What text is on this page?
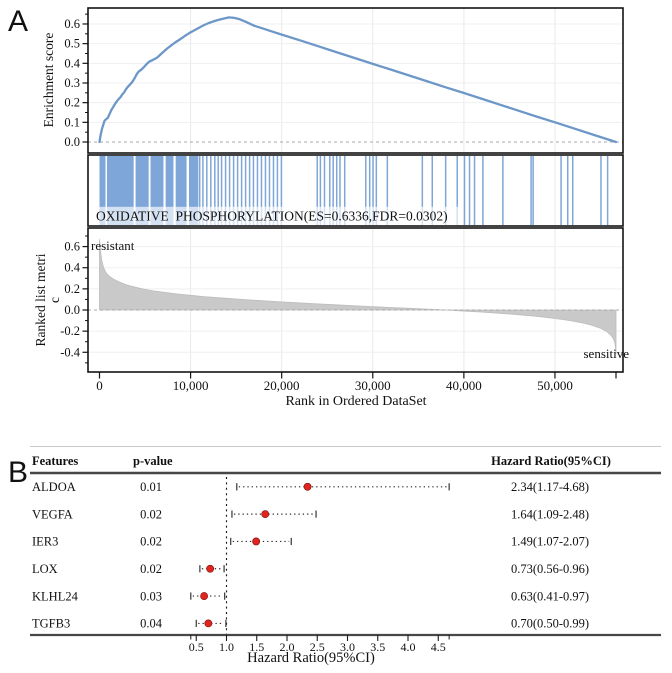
0.0
0.1
0.2
0.3
0.4
0.5
0.6
0.6
0.4
0.2
0.0
-0.2
-0.4
0	10,000	20,000	30,000	40,000	50,000
ALDOA	0.01	2.34(1.17-4.68)
VEGFA	0.02	1.64(1.09-2.48)
IER3	0.02	1.49(1.07-2.07)
LOX	0.02	0.73(0.56-0.96)
KLHL24	0.03	0.63(0.41-0.97)
TGFB3	0.04	0.70(0.50-0.99)
0.5 1.0 1.5 2.0 2.5 3.0 3.5 4.0 4.5
A
B
Enrichment score
OXIDATIVE  PHOSPHORYLATION(ES=0.6336,FDR=0.0302)
resistant
sensitive
Rank in Ordered DataSet
Ranked list metri c
Features	p-value	Hazard Ratio(95%CI)
Hazard Ratio(95%CI)
